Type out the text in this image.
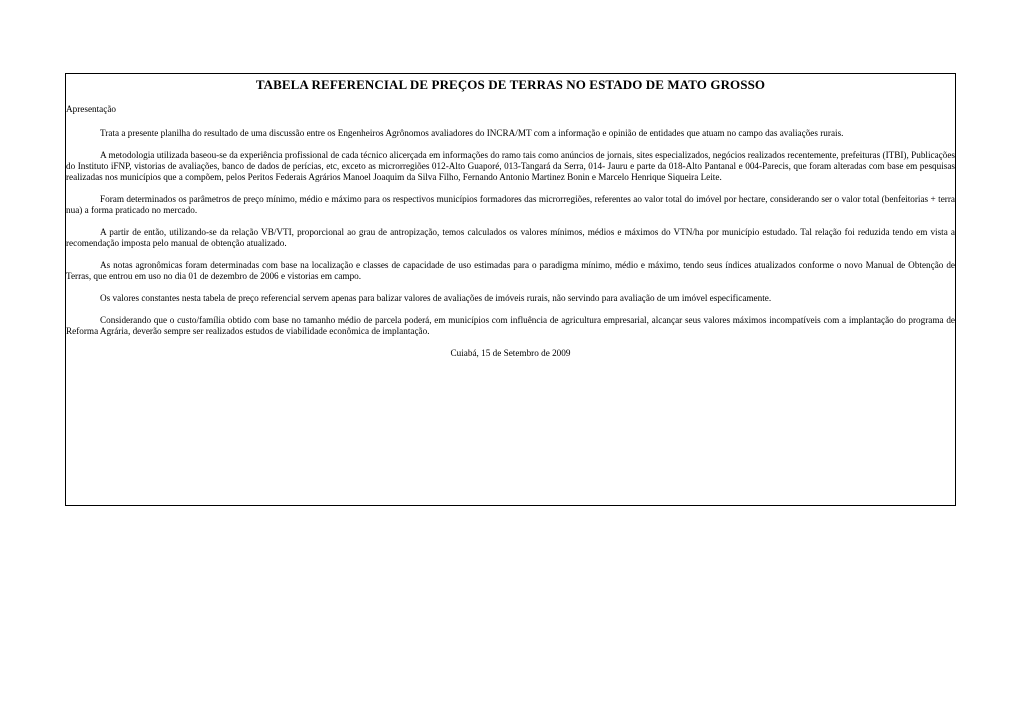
TABELA REFERENCIAL DE PREÇOS DE TERRAS NO ESTADO DE MATO GROSSO

Apresentação

Trata a presente planilha do resultado de uma discussão entre os Engenheiros Agrônomos avaliadores do INCRA/MT com a informação e opinião de entidades que atuam no campo das avaliações rurais.

A metodologia utilizada baseou-se da experiência profissional de cada técnico alicerçada em informações do ramo tais como anúncios de jornais, sites especializados, negócios realizados recentemente, prefeituras (ITBI), Publicações do Instituto iFNP, vistorias de avaliações, banco de dados de perícias, etc, exceto as microrregiões 012-Alto Guaporé, 013-Tangará da Serra, 014- Jauru e parte da 018-Alto Pantanal e 004-Parecis, que foram alteradas com base em pesquisas realizadas nos municípios que a compõem, pelos Peritos Federais Agrários Manoel Joaquim da Silva Filho, Fernando Antonio Martinez Bonin e Marcelo Henrique Siqueira Leite.

Foram determinados os parâmetros de preço mínimo, médio e máximo para os respectivos municípios formadores das microrregiões, referentes ao valor total do imóvel por hectare, considerando ser o valor total (benfeitorias + terra nua) a forma praticado no mercado.

A partir de então, utilizando-se da relação VB/VTI, proporcional ao grau de antropização, temos calculados os valores mínimos, médios e máximos do VTN/ha por município estudado. Tal relação foi reduzida tendo em vista a recomendação imposta pelo manual de obtenção atualizado.

As notas agronômicas foram determinadas com base na localização e classes de capacidade de uso estimadas para o paradigma mínimo, médio e máximo, tendo seus índices atualizados conforme o novo Manual de Obtenção de Terras, que entrou em uso no dia 01 de dezembro de 2006 e vistorias em campo.

Os valores constantes nesta tabela de preço referencial servem apenas para balizar valores de avaliações de imóveis rurais, não servindo para avaliação de um imóvel especificamente.

Considerando que o custo/família obtido com base no tamanho médio de parcela poderá, em municípios com influência de agricultura empresarial, alcançar seus valores máximos incompatíveis com a implantação do programa de Reforma Agrária, deverão sempre ser realizados estudos de viabilidade econômica de implantação.

Cuiabá, 15 de Setembro de 2009
